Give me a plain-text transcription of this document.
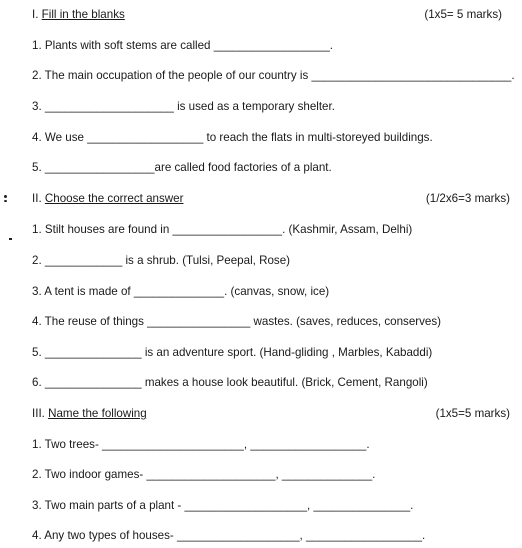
I. Fill in the blanks	(1x5= 5 marks)
1. Plants with soft stems are called __________________.
2. The main occupation of the people of our country is _______________________________.
3. ____________________ is used as a temporary shelter.
4. We use __________________ to reach the flats in multi-storeyed buildings.
5. _________________are called food factories of a plant.
II. Choose the correct answer	(1/2x6=3 marks)
1. Stilt houses are found in _________________. (Kashmir, Assam, Delhi)
2. ____________ is a shrub. (Tulsi, Peepal, Rose)
3. A tent is made of ______________. (canvas, snow, ice)
4. The reuse of things ________________ wastes. (saves, reduces, conserves)
5. _______________ is an adventure sport. (Hand-gliding , Marbles, Kabaddi)
6. _______________ makes a house look beautiful. (Brick, Cement, Rangoli)
III. Name the following	(1x5=5 marks)
1. Two trees- ______________________, __________________.
2. Two indoor games- ____________________, ______________.
3. Two main parts of a plant - ___________________, _______________.
4. Any two types of houses- ___________________, __________________.
